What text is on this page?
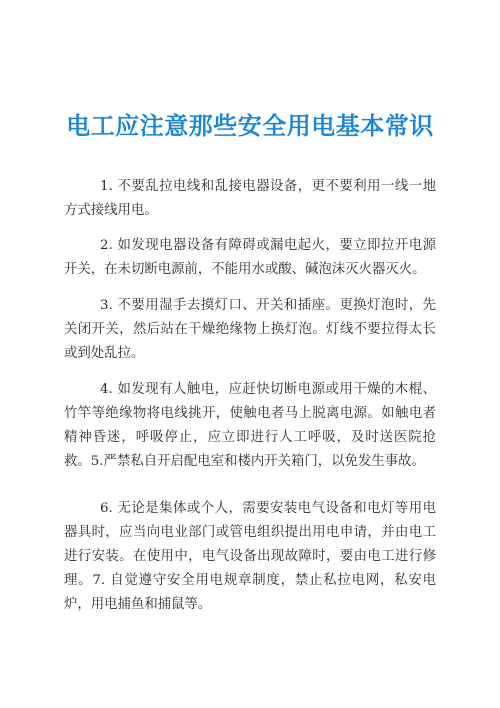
电工应注意那些安全用电基本常识

1. 不要乱拉电线和乱接电器设备，更不要利用一线一地方式接线用电。

2. 如发现电器设备有障碍或漏电起火，要立即拉开电源开关，在未切断电源前，不能用水或酸、碱泡沫灭火器灭火。

3. 不要用湿手去摸灯口、开关和插座。更换灯泡时，先关闭开关，然后站在干燥绝缘物上换灯泡。灯线不要拉得太长或到处乱拉。

4. 如发现有人触电，应赶快切断电源或用干燥的木棍、竹竿等绝缘物将电线挑开，使触电者马上脱离电源。如触电者精神昏迷，呼吸停止，应立即进行人工呼吸，及时送医院抢救。5.严禁私自开启配电室和楼内开关箱门，以免发生事故。

6. 无论是集体或个人，需要安装电气设备和电灯等用电器具时，应当向电业部门或管电组织提出用电申请，并由电工进行安装。在使用中，电气设备出现故障时，要由电工进行修理。7. 自觉遵守安全用电规章制度，禁止私拉电网，私安电炉，用电捕鱼和捕鼠等。
